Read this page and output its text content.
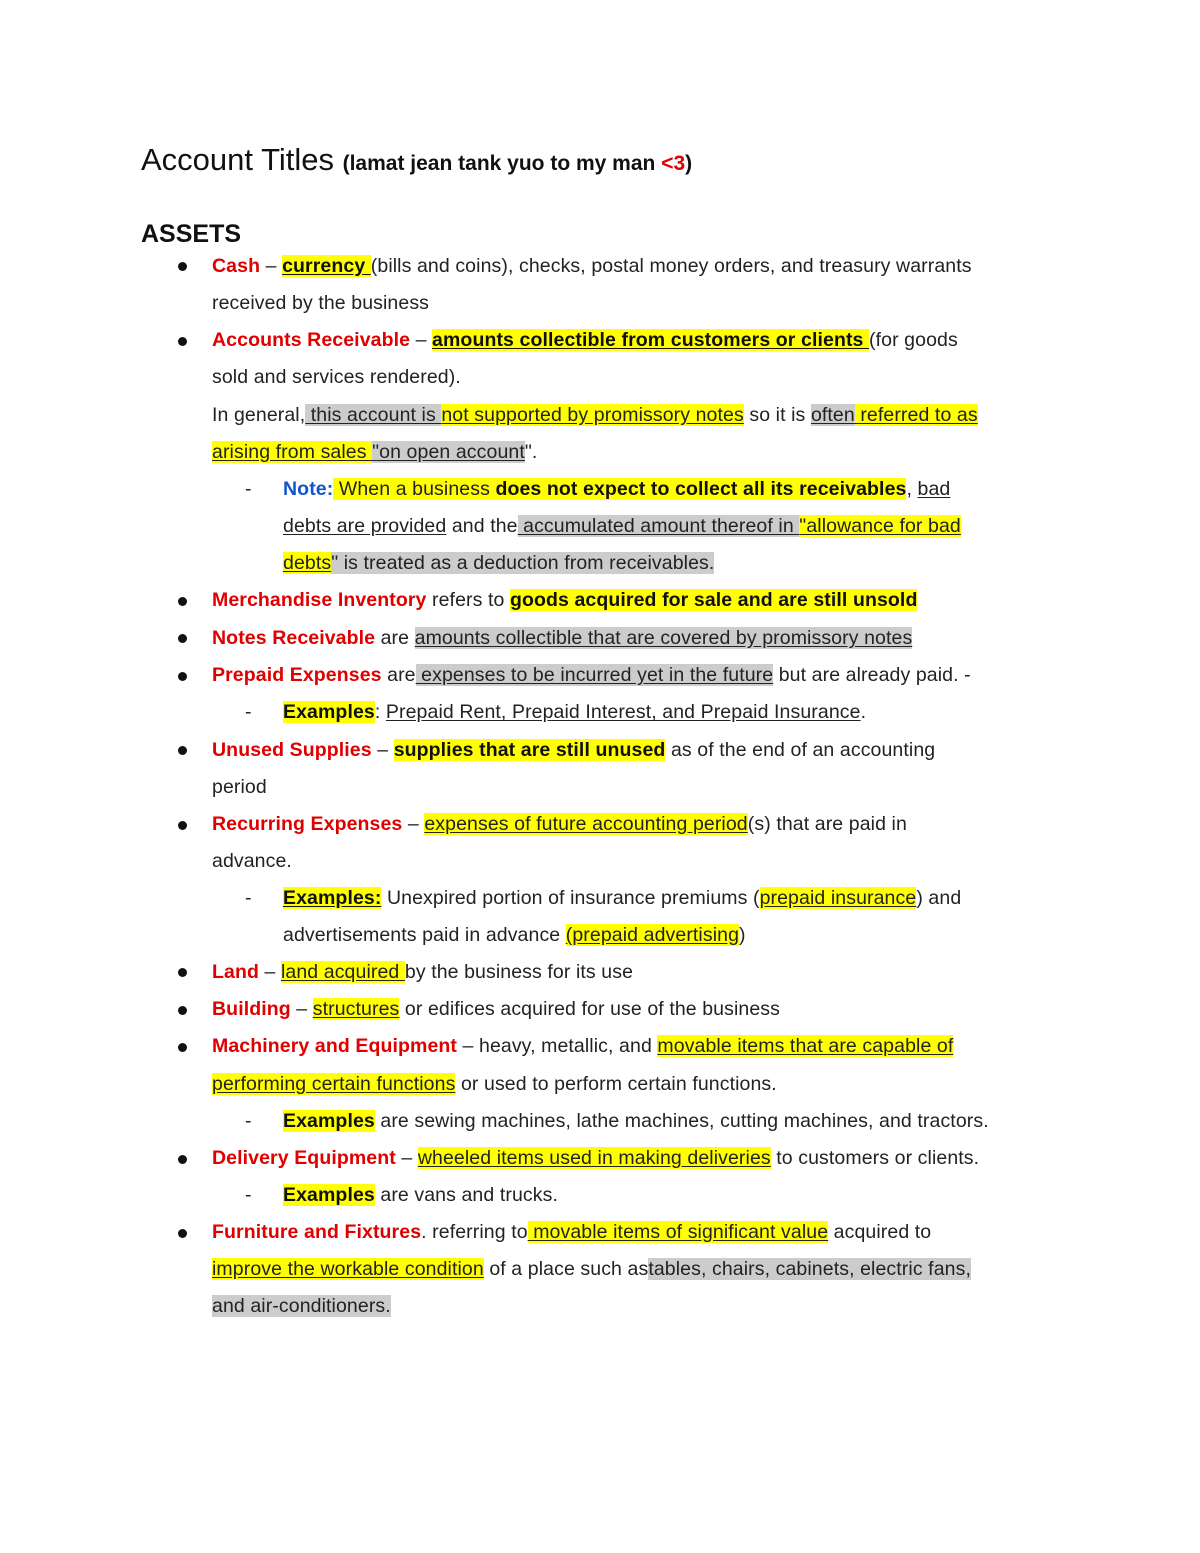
Account Titles (lamat jean tank yuo to my man <3)
ASSETS
Cash – currency (bills and coins), checks, postal money orders, and treasury warrants
received by the business
Accounts Receivable – amounts collectible from customers or clients (for goods
sold and services rendered).
In general, this account is not supported by promissory notes so it is often referred to as
arising from sales "on open account".
- Note: When a business does not expect to collect all its receivables, bad
debts are provided and the accumulated amount thereof in "allowance for bad
debts" is treated as a deduction from receivables.
Merchandise Inventory refers to goods acquired for sale and are still unsold
Notes Receivable are amounts collectible that are covered by promissory notes
Prepaid Expenses are expenses to be incurred yet in the future but are already paid. -
- Examples: Prepaid Rent, Prepaid Interest, and Prepaid Insurance.
Unused Supplies – supplies that are still unused as of the end of an accounting
period
Recurring Expenses – expenses of future accounting period(s) that are paid in
advance.
- Examples: Unexpired portion of insurance premiums (prepaid insurance) and
advertisements paid in advance (prepaid advertising)
Land – land acquired by the business for its use
Building – structures or edifices acquired for use of the business
Machinery and Equipment – heavy, metallic, and movable items that are capable of
performing certain functions or used to perform certain functions.
- Examples are sewing machines, lathe machines, cutting machines, and tractors.
Delivery Equipment – wheeled items used in making deliveries to customers or clients.
- Examples are vans and trucks.
Furniture and Fixtures. referring to movable items of significant value acquired to
improve the workable condition of a place such astables, chairs, cabinets, electric fans,
and air-conditioners.
